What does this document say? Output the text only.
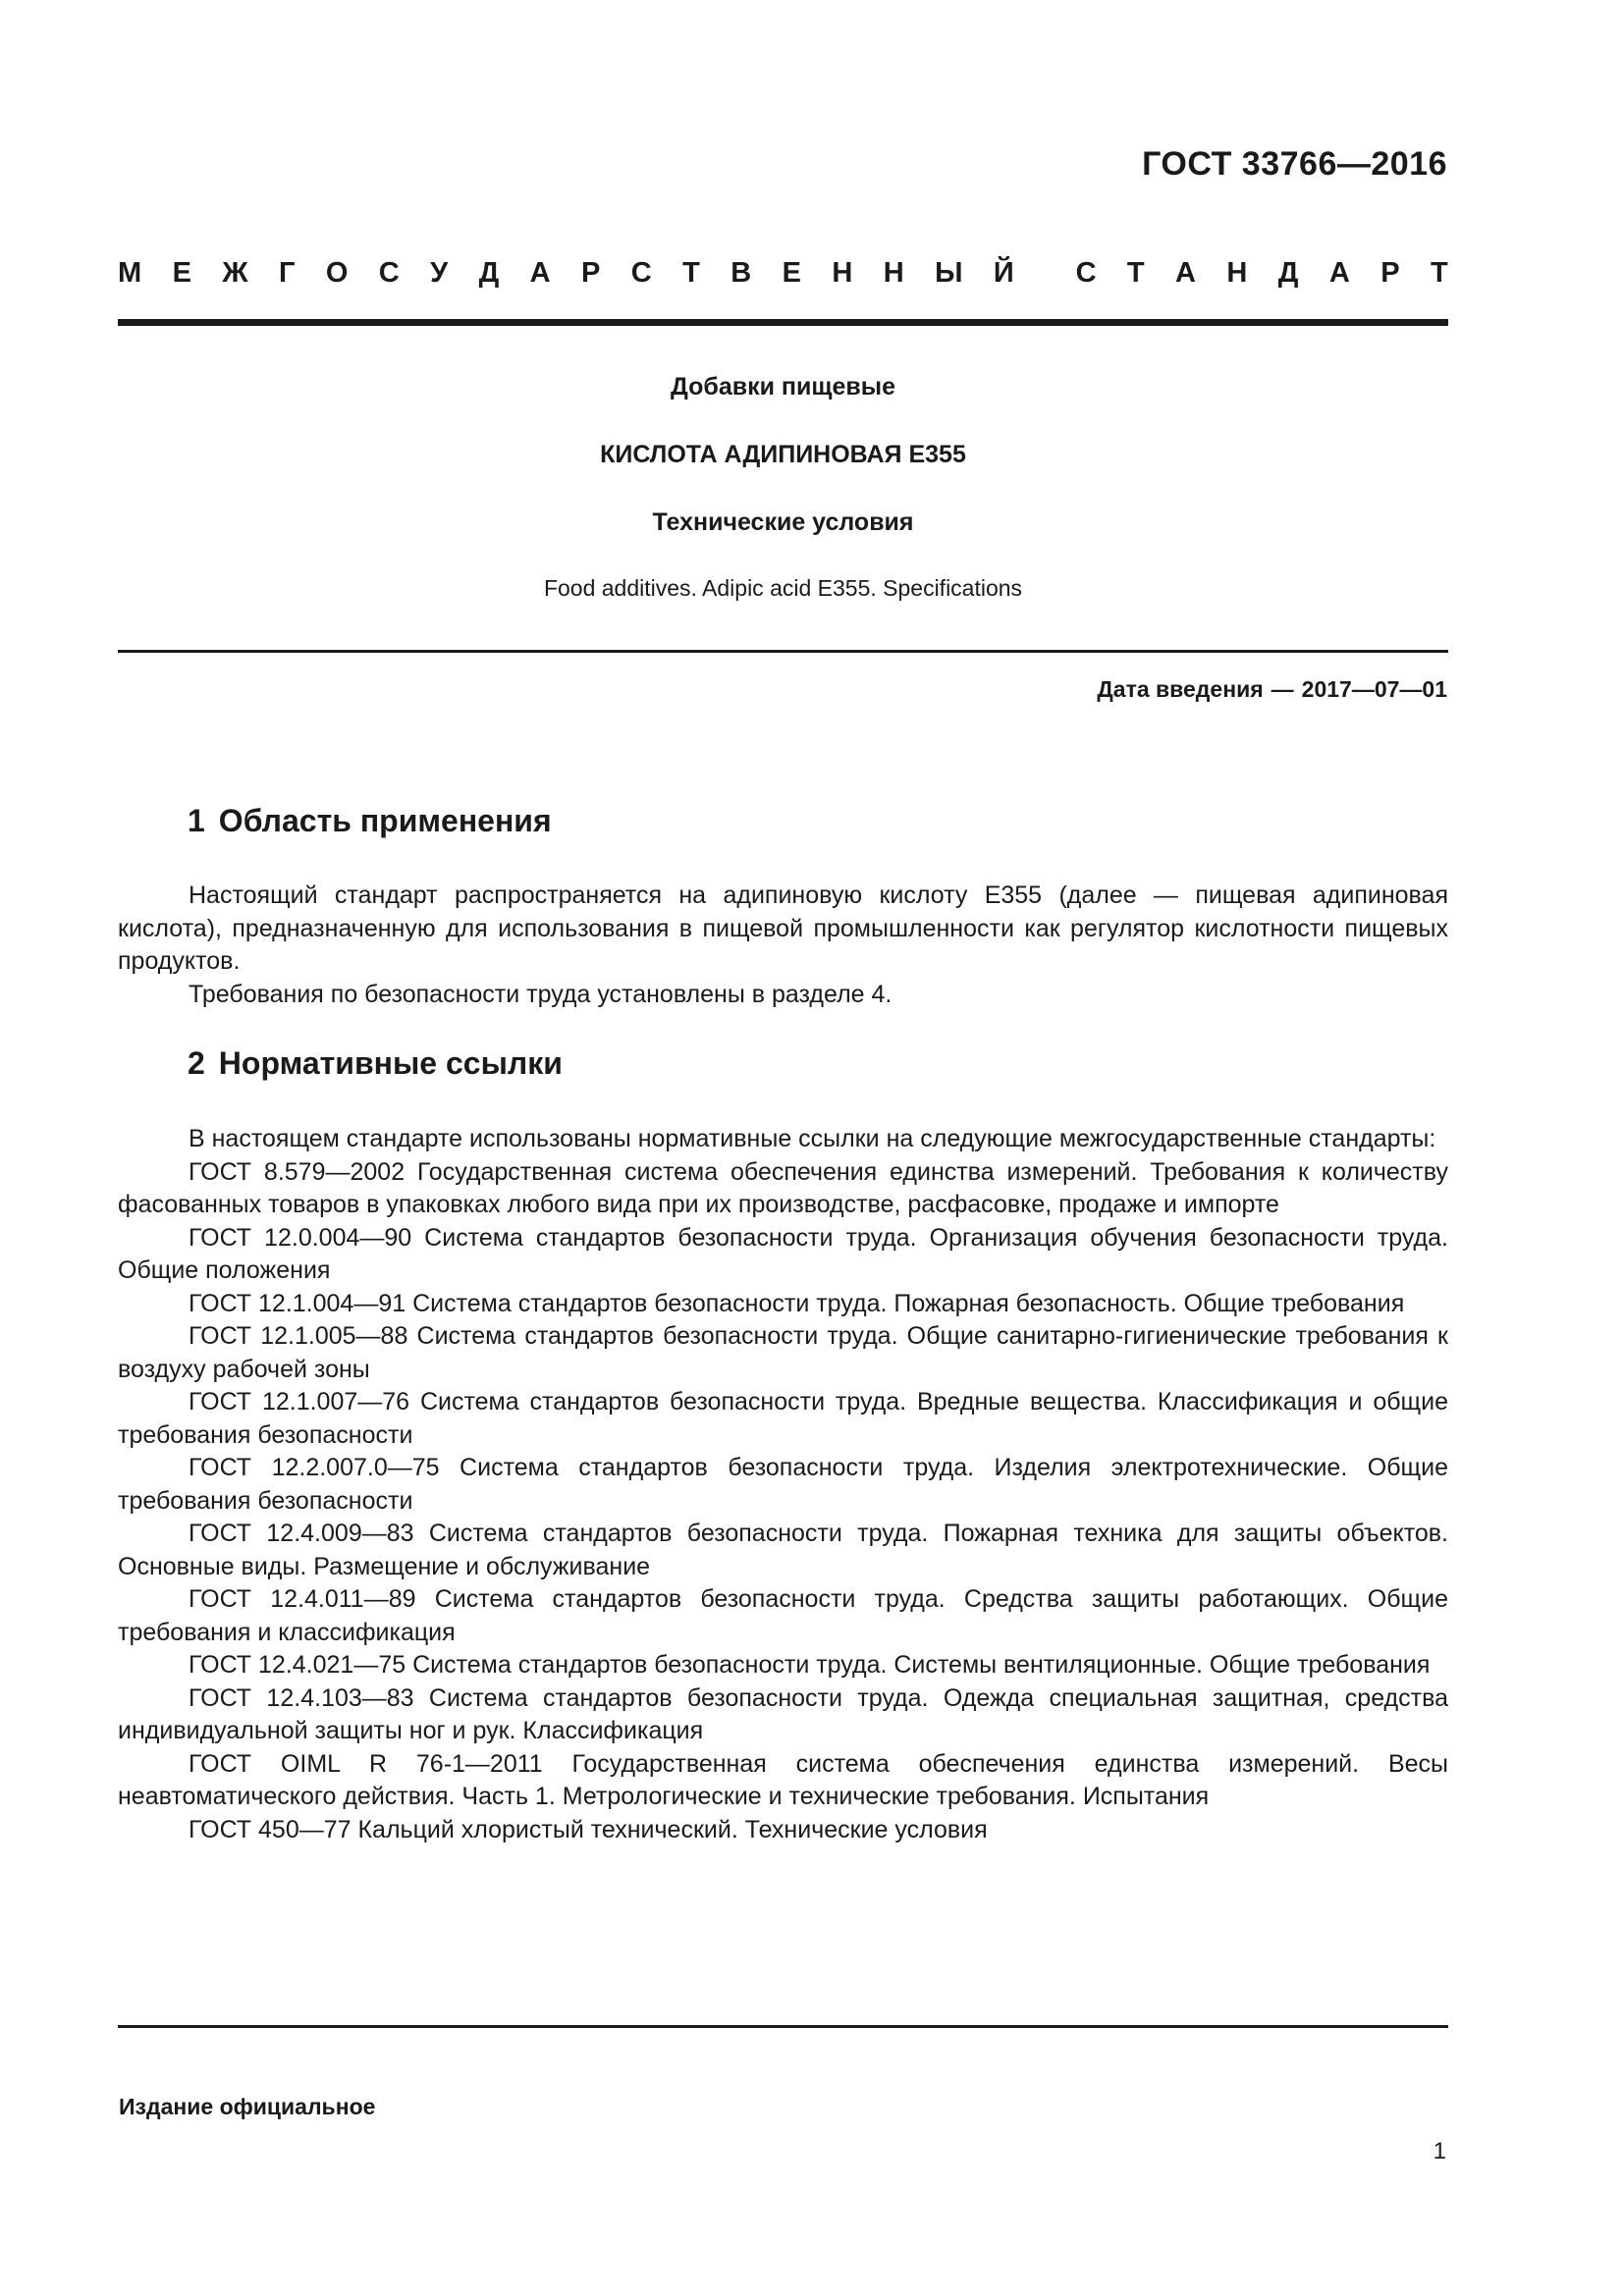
ГОСТ 33766—2016
М Е Ж Г О С У Д А Р С Т В Е Н Н Ы Й С Т А Н Д А Р Т
Добавки пищевые
КИСЛОТА АДИПИНОВАЯ Е355
Технические условия
Food additives. Adipic acid E355. Specifications
Дата введения — 2017—07—01
1 Область применения

Настоящий стандарт распространяется на адипиновую кислоту Е355 (далее — пищевая адипиновая кислота), предназначенную для использования в пищевой промышленности как регулятор кислотности пищевых продуктов.

Требования по безопасности труда установлены в разделе 4.

2 Нормативные ссылки

В настоящем стандарте использованы нормативные ссылки на следующие межгосударственные стандарты:

ГОСТ 8.579—2002 Государственная система обеспечения единства измерений. Требования к количеству фасованных товаров в упаковках любого вида при их производстве, расфасовке, продаже и импорте

ГОСТ 12.0.004—90 Система стандартов безопасности труда. Организация обучения безопасности труда. Общие положения

ГОСТ 12.1.004—91 Система стандартов безопасности труда. Пожарная безопасность. Общие требования

ГОСТ 12.1.005—88 Система стандартов безопасности труда. Общие санитарно-гигиенические требования к воздуху рабочей зоны

ГОСТ 12.1.007—76 Система стандартов безопасности труда. Вредные вещества. Классификация и общие требования безопасности

ГОСТ 12.2.007.0—75 Система стандартов безопасности труда. Изделия электротехнические. Общие требования безопасности

ГОСТ 12.4.009—83 Система стандартов безопасности труда. Пожарная техника для защиты объектов. Основные виды. Размещение и обслуживание

ГОСТ 12.4.011—89 Система стандартов безопасности труда. Средства защиты работающих. Общие требования и классификация

ГОСТ 12.4.021—75 Система стандартов безопасности труда. Системы вентиляционные. Общие требования

ГОСТ 12.4.103—83 Система стандартов безопасности труда. Одежда специальная защитная, средства индивидуальной защиты ног и рук. Классификация

ГОСТ OIML R 76-1—2011 Государственная система обеспечения единства измерений. Весы неавтоматического действия. Часть 1. Метрологические и технические требования. Испытания

ГОСТ 450—77 Кальций хлористый технический. Технические условия

Издание официальное
1
